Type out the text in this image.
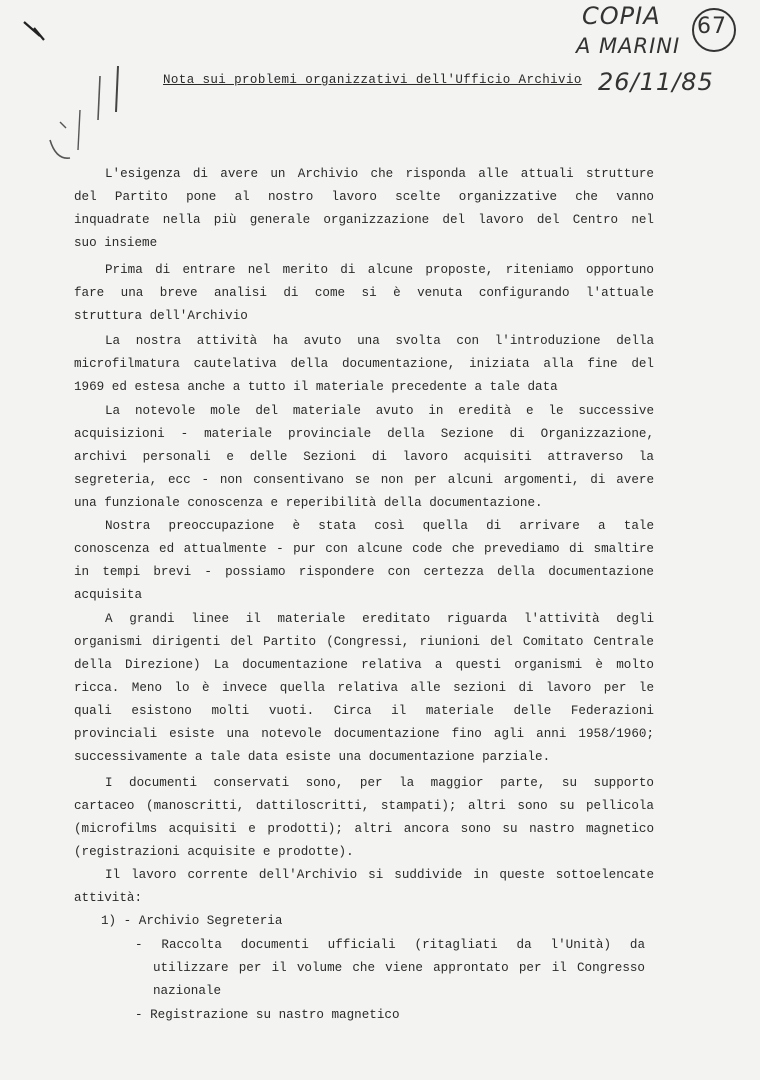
COPIA
A MARINI
67
26/11/85
Nota sui problemi organizzativi dell'Ufficio Archivio
L'esigenza di avere un Archivio che risponda alle attuali strutture
del Partito pone al nostro lavoro scelte organizzative che vanno
inquadrate nella più generale organizzazione del lavoro del Centro nel
suo insieme
Prima di entrare nel merito di alcune proposte, riteniamo opportuno
fare una breve analisi di come si è venuta configurando l'attuale
struttura dell'Archivio
La nostra attività ha avuto una svolta con l'introduzione della
microfilmatura cautelativa della documentazione, iniziata alla fine del
1969 ed estesa anche a tutto il materiale precedente a tale data
La notevole mole del materiale avuto in eredità e le successive
acquisizioni - materiale provinciale della Sezione di Organizzazione,
archivi personali e delle Sezioni di lavoro acquisiti attraverso la
segreteria, ecc - non consentivano se non per alcuni argomenti, di avere
una funzionale conoscenza e reperibilità della documentazione.
Nostra preoccupazione è stata così quella di arrivare a tale
conoscenza ed attualmente - pur con alcune code che prevediamo di smaltire
in tempi brevi - possiamo rispondere con certezza della documentazione
acquisita
A grandi linee il materiale ereditato riguarda l'attività degli
organismi dirigenti del Partito (Congressi, riunioni del Comitato Centrale
della Direzione) La documentazione relativa a questi organismi è molto
ricca. Meno lo è invece quella relativa alle sezioni di lavoro per le
quali esistono molti vuoti. Circa il materiale delle Federazioni
provinciali esiste una notevole documentazione fino agli anni 1958/1960;
successivamente a tale data esiste una documentazione parziale.
I documenti conservati sono, per la maggior parte, su supporto
cartaceo (manoscritti, dattiloscritti, stampati); altri sono su pellicola
(microfilms acquisiti e prodotti); altri ancora sono su nastro magnetico
(registrazioni acquisite e prodotte).
Il lavoro corrente dell'Archivio si suddivide in queste sottoelencate
attività:
1) - Archivio Segreteria
- Raccolta documenti ufficiali (ritagliati da l'Unità) da
utilizzare per il volume che viene approntato per il Congresso
nazionale
- Registrazione su nastro magnetico
